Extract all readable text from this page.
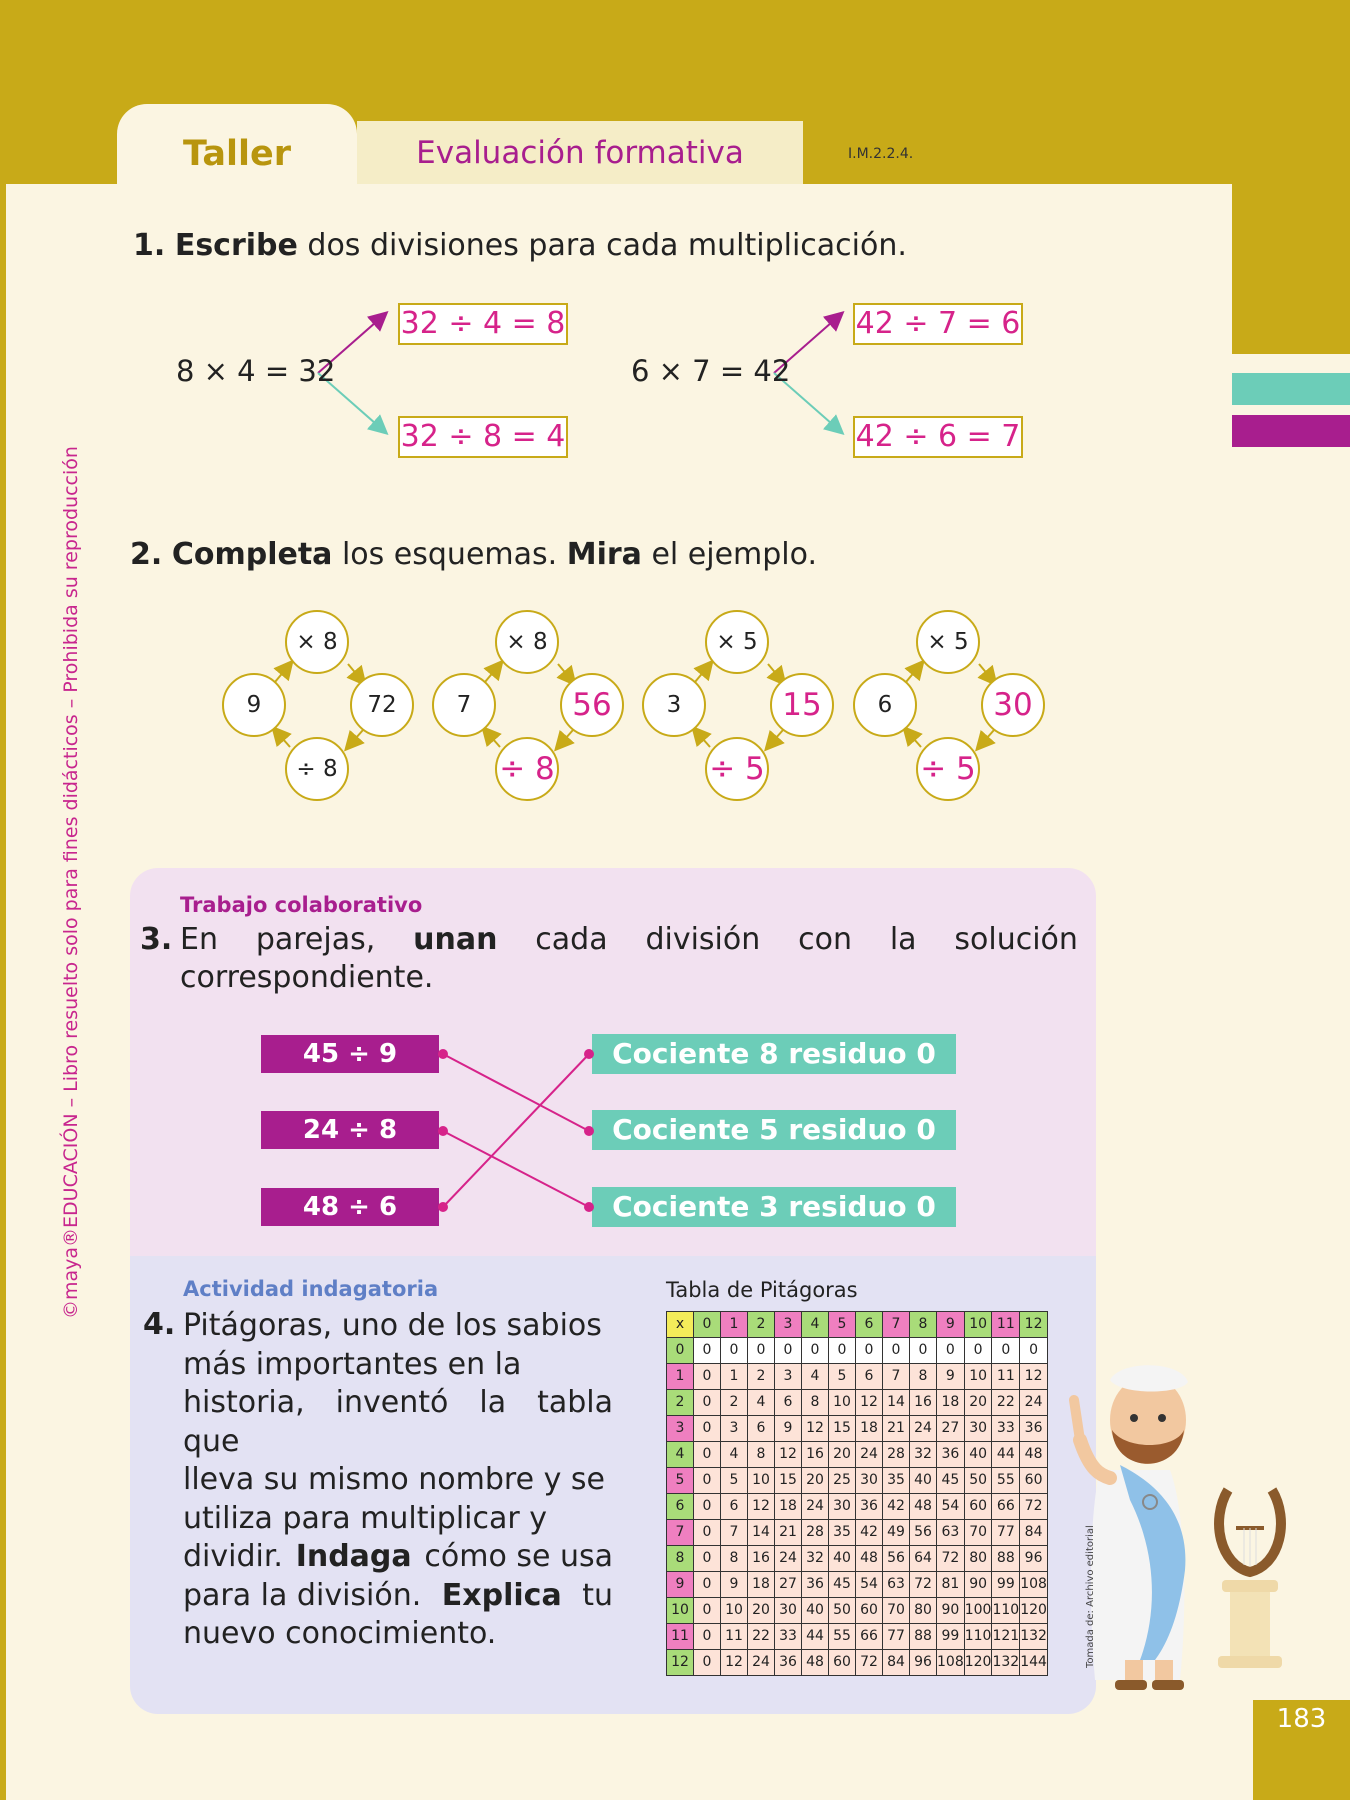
Taller	Evaluación formativa	I.M.2.2.4.
©maya®EDUCACIÓN – Libro resuelto solo para fines didácticos – Prohibida su reproducción
1. Escribe dos divisiones para cada multiplicación.
8 × 4 = 32
32 ÷ 4 = 8
32 ÷ 8 = 4
6 × 7 = 42
42 ÷ 7 = 6
42 ÷ 6 = 7
2. Completa los esquemas. Mira el ejemplo.
× 8
9	72
÷ 8
× 8
7	56
÷ 8
× 5
3	15
÷ 5
× 5
6	30
÷ 5
Trabajo colaborativo
3. En parejas, unan cada división con la solución
correspondiente.
45 ÷ 9
24 ÷ 8
48 ÷ 6
Cociente 8 residuo 0
Cociente 5 residuo 0
Cociente 3 residuo 0
Actividad indagatoria
4. Pitágoras, uno de los sabios
más importantes en la
historia, inventó la tabla que
lleva su mismo nombre y se
utiliza para multiplicar y
dividir. Indaga cómo se usa
para la división. Explica tu
nuevo conocimiento.
Tabla de Pitágoras
x	0	1	2	3	4	5	6	7	8	9	10	11	12
0	0	0	0	0	0	0	0	0	0	0	0	0	0
1	0	1	2	3	4	5	6	7	8	9	10	11	12
2	0	2	4	6	8	10	12	14	16	18	20	22	24
3	0	3	6	9	12	15	18	21	24	27	30	33	36
4	0	4	8	12	16	20	24	28	32	36	40	44	48
5	0	5	10	15	20	25	30	35	40	45	50	55	60
6	0	6	12	18	24	30	36	42	48	54	60	66	72
7	0	7	14	21	28	35	42	49	56	63	70	77	84
8	0	8	16	24	32	40	48	56	64	72	80	88	96
9	0	9	18	27	36	45	54	63	72	81	90	99	108
10	0	10	20	30	40	50	60	70	80	90	100	110	120
11	0	11	22	33	44	55	66	77	88	99	110	121	132
12	0	12	24	36	48	60	72	84	96	108	120	132	144	Tomada de: Archivo editorial
183
